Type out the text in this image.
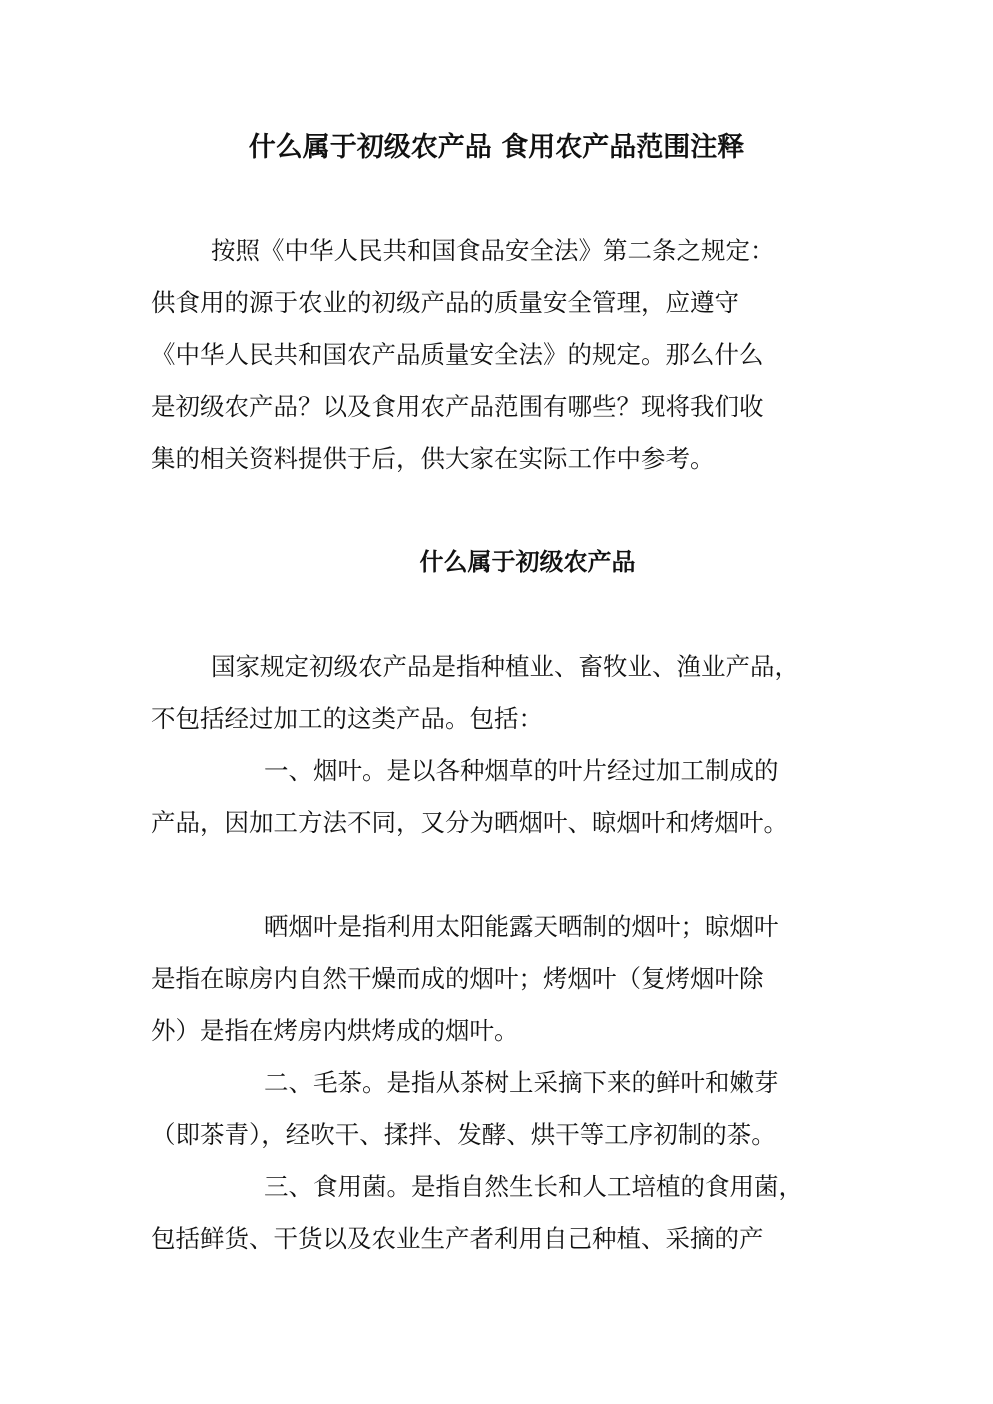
什么属于初级农产品 食用农产品范围注释
按照《中华人民共和国食品安全法》第二条之规定：
供食用的源于农业的初级产品的质量安全管理，应遵守
《中华人民共和国农产品质量安全法》的规定。那么什么
是初级农产品？以及食用农产品范围有哪些？现将我们收
集的相关资料提供于后，供大家在实际工作中参考。
什么属于初级农产品
国家规定初级农产品是指种植业、畜牧业、渔业产品，
不包括经过加工的这类产品。包括：
一、烟叶。是以各种烟草的叶片经过加工制成的
产品，因加工方法不同，又分为晒烟叶、晾烟叶和烤烟叶。
晒烟叶是指利用太阳能露天晒制的烟叶；晾烟叶
是指在晾房内自然干燥而成的烟叶；烤烟叶（复烤烟叶除
外）是指在烤房内烘烤成的烟叶。
二、毛茶。是指从茶树上采摘下来的鲜叶和嫩芽
（即茶青），经吹干、揉拌、发酵、烘干等工序初制的茶。
三、食用菌。是指自然生长和人工培植的食用菌，
包括鲜货、干货以及农业生产者利用自己种植、采摘的产
